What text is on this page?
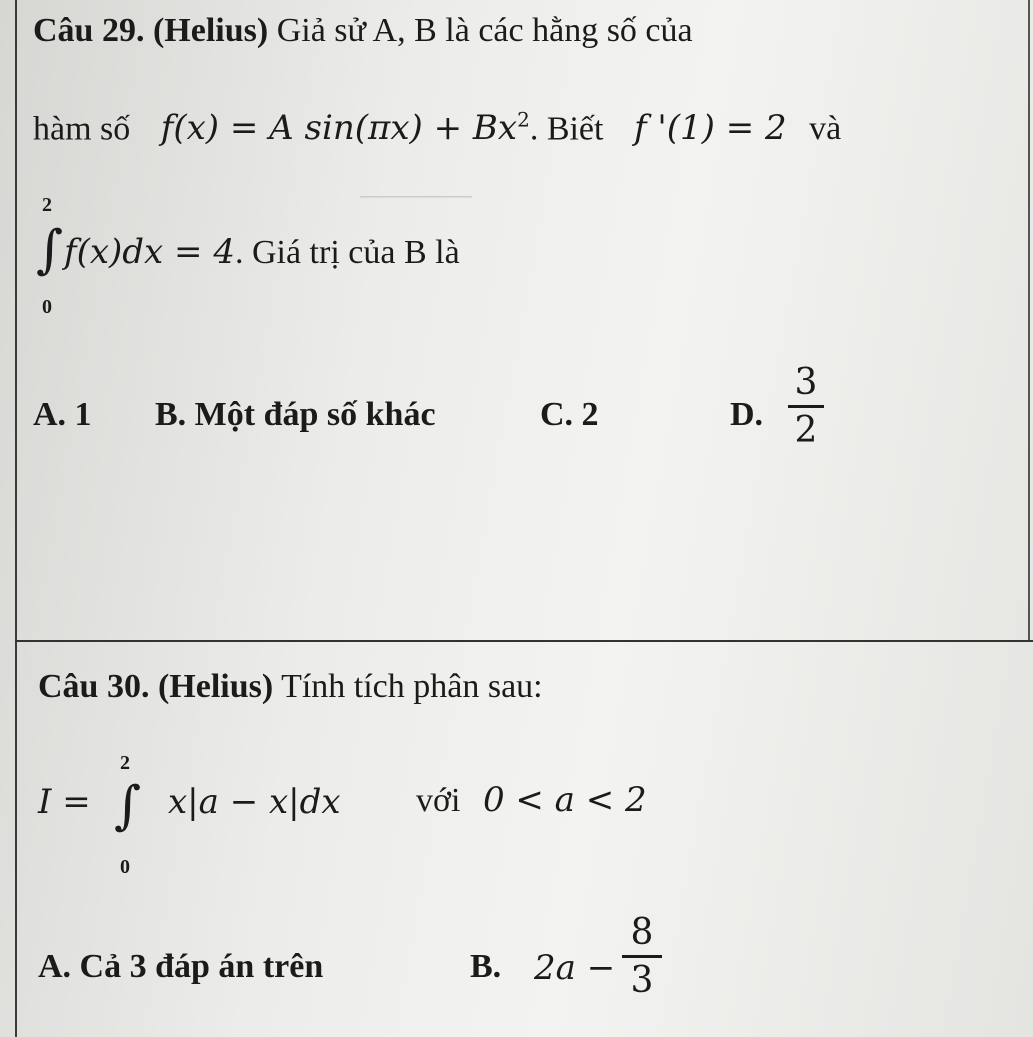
________
Câu 29. (Helius) Giả sử A, B là các hằng số của
hàm số f(x) = A $\sin(\pi x) + Bx^2$. Biết f '(1) = 2 và
2
∫
0
f(x)dx = 4. Giá trị của B là
A. 1 B. Một đáp số khác	C. 2	D.
3
2
Câu 30. (Helius) Tính tích phân sau:
I =
2
∫
0
x|a − x|dx với 0 < a < 2
A. Cả 3 đáp án trên	B. 2a −
8
3
